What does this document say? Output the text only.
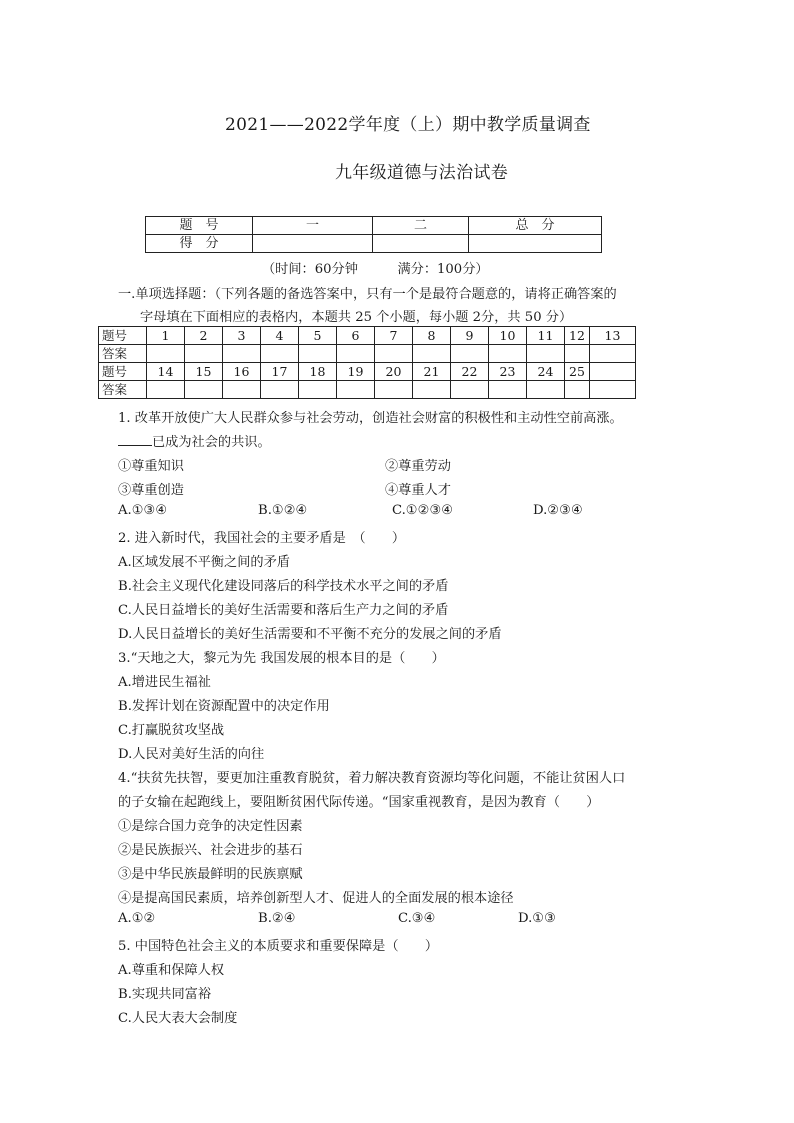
2021——2022学年度（上）期中教学质量调查
九年级道德与法治试卷
题　号	一	二	总　分
得　分			
（时间：60分钟　　　满分：100分）
一.单项选择题：（下列各题的备选答案中，只有一个是最符合题意的，请将正确答案的
字母填在下面相应的表格内，本题共 25 个小题，每小题 2分，共 50 分）
题号	1	2	3	4	5	6	7	8	9	10	11	12	13
答案													
题号	14	15	16	17	18	19	20	21	22	23	24	25	
答案													
1. 改革开放使广大人民群众参与社会劳动，创造社会财富的积极性和主动性空前高涨。
已成为社会的共识。
①尊重知识	②尊重劳动
③尊重创造	④尊重人才
A.①③④	B.①②④	C.①②③④	D.②③④
2. 进入新时代，我国社会的主要矛盾是　（　　）
A.区域发展不平衡之间的矛盾
B.社会主义现代化建设同落后的科学技术水平之间的矛盾
C.人民日益增长的美好生活需要和落后生产力之间的矛盾
D.人民日益增长的美好生活需要和不平衡不充分的发展之间的矛盾
3.“天地之大，黎元为先 我国发展的根本目的是（　　）
A.增进民生福祉
B.发挥计划在资源配置中的决定作用
C.打赢脱贫攻坚战
D.人民对美好生活的向往
4.“扶贫先扶智，要更加注重教育脱贫，着力解决教育资源均等化问题，不能让贫困人口
的子女输在起跑线上，要阻断贫困代际传递。“国家重视教育，是因为教育（　　）
①是综合国力竞争的决定性因素
②是民族振兴、社会进步的基石
③是中华民族最鲜明的民族禀赋
④是提高国民素质，培养创新型人才、促进人的全面发展的根本途径
A.①②	B.②④	C.③④	D.①③
5. 中国特色社会主义的本质要求和重要保障是（　　）
A.尊重和保障人权
B.实现共同富裕
C.人民大表大会制度
